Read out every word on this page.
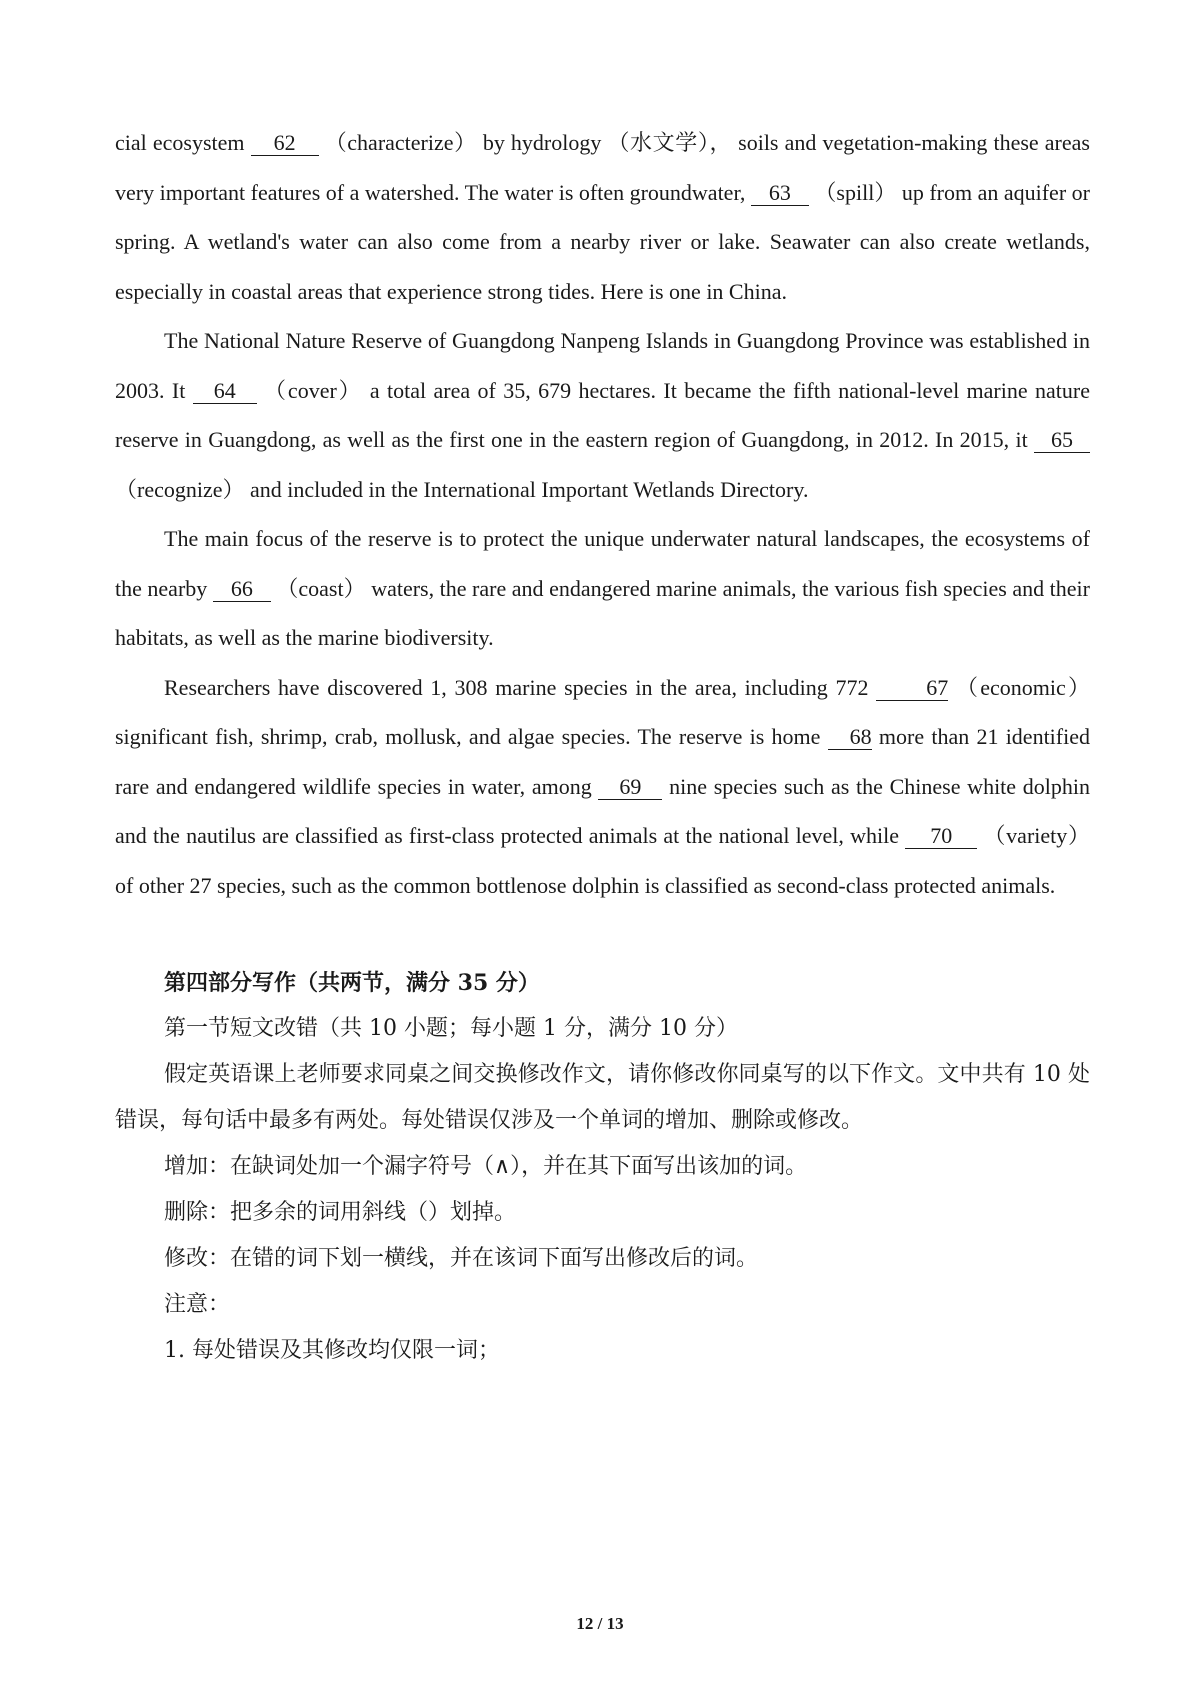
cial ecosystem 62 （characterize） by hydrology （水文学）， soils and vegetation-making these areas very important features of a watershed. The water is often groundwater, 63 （spill） up from an aquifer or spring. A wetland's water can also come from a nearby river or lake. Seawater can also create wetlands, especially in coastal areas that experience strong tides. Here is one in China.

The National Nature Reserve of Guangdong Nanpeng Islands in Guangdong Province was established in 2003. It 64 （cover） a total area of 35, 679 hectares. It became the fifth national-level marine nature reserve in Guangdong, as well as the first one in the eastern region of Guangdong, in 2012. In 2015, it 65 （recognize） and included in the International Important Wetlands Directory.

The main focus of the reserve is to protect the unique underwater natural landscapes, the ecosystems of the nearby 66 （coast） waters, the rare and endangered marine animals, the various fish species and their habitats, as well as the marine biodiversity.

Researchers have discovered 1, 308 marine species in the area, including 772 67 （economic） significant fish, shrimp, crab, mollusk, and algae species. The reserve is home 68 more than 21 identified rare and endangered wildlife species in water, among 69 nine species such as the Chinese white dolphin and the nautilus are classified as first-class protected animals at the national level, while 70 （variety） of other 27 species, such as the common bottlenose dolphin is classified as second-class protected animals.

第四部分写作（共两节，满分 35 分）

第一节短文改错（共 10 小题；每小题 1 分，满分 10 分）

假定英语课上老师要求同桌之间交换修改作文，请你修改你同桌写的以下作文。文中共有 10 处错误，每句话中最多有两处。每处错误仅涉及一个单词的增加、删除或修改。

增加：在缺词处加一个漏字符号（∧），并在其下面写出该加的词。

删除：把多余的词用斜线（）划掉。

修改：在错的词下划一横线，并在该词下面写出修改后的词。

注意：

1. 每处错误及其修改均仅限一词；

12 / 13
